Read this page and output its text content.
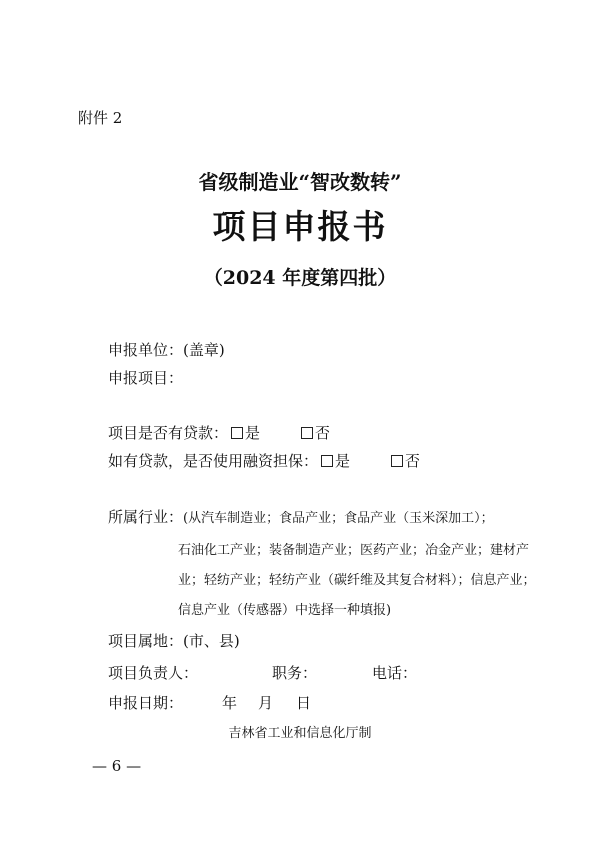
附件 2
省级制造业“智改数转”
项目申报书
（2024 年度第四批）
申报单位：(盖章)
申报项目：
项目是否有贷款： 是	否
如有贷款，是否使用融资担保： 是	否
所属行业：(从汽车制造业；食品产业；食品产业（玉米深加工）；
石油化工产业；装备制造产业；医药产业；冶金产业；建材产
业；轻纺产业；轻纺产业（碳纤维及其复合材料）；信息产业；
信息产业（传感器）中选择一种填报)
项目属地：(市、县)
项目负责人：	职务：	电话：
申报日期：	年 月 日
吉林省工业和信息化厅制
— 6 —
